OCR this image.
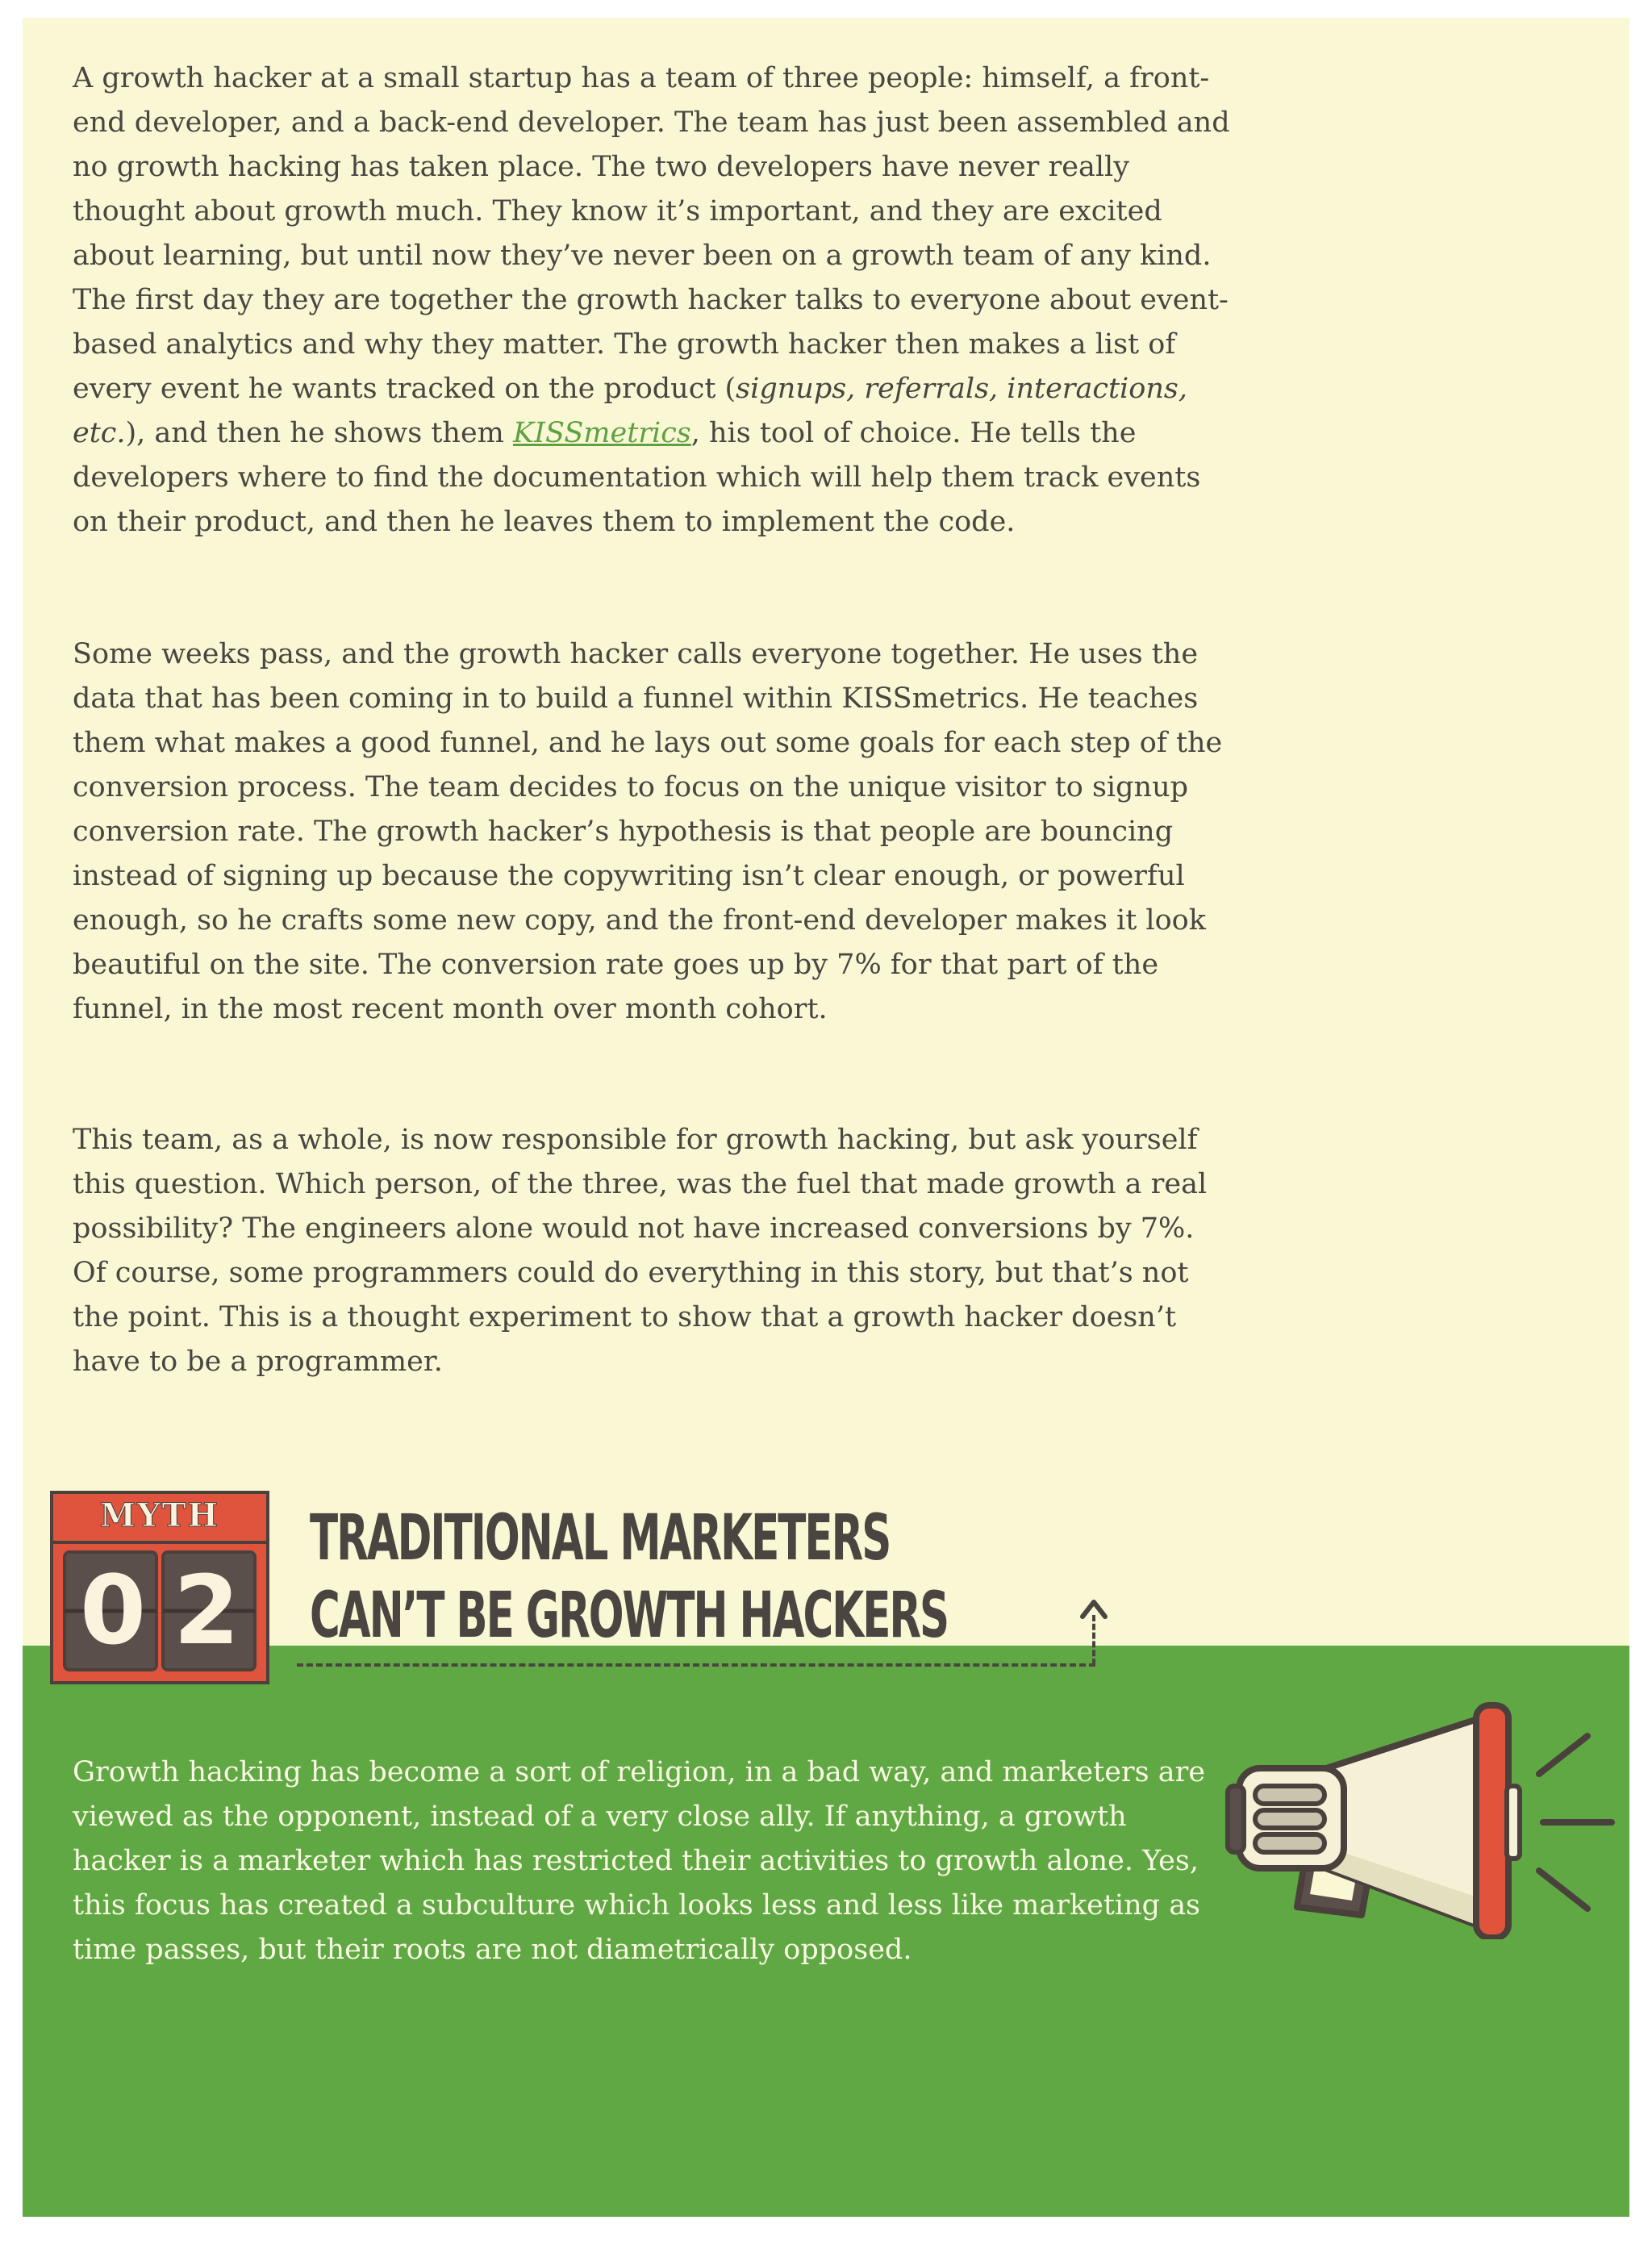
A growth hacker at a small startup has a team of three people: himself, a front-end developer, and a back-end developer. The team has just been assembled and no growth hacking has taken place. The two developers have never really thought about growth much. They know it’s important, and they are excited about learning, but until now they’ve never been on a growth team of any kind. The first day they are together the growth hacker talks to everyone about event-based analytics and why they matter. The growth hacker then makes a list of every event he wants tracked on the product (signups, referrals, interactions, etc.), and then he shows them KISSmetrics, his tool of choice. He tells the developers where to find the documentation which will help them track events on their product, and then he leaves them to implement the code.

Some weeks pass, and the growth hacker calls everyone together. He uses the data that has been coming in to build a funnel within KISSmetrics. He teaches them what makes a good funnel, and he lays out some goals for each step of the conversion process. The team decides to focus on the unique visitor to signup conversion rate. The growth hacker’s hypothesis is that people are bouncing instead of signing up because the copywriting isn’t clear enough, or powerful enough, so he crafts some new copy, and the front-end developer makes it look beautiful on the site. The conversion rate goes up by 7% for that part of the funnel, in the most recent month over month cohort.

This team, as a whole, is now responsible for growth hacking, but ask yourself this question. Which person, of the three, was the fuel that made growth a real possibility? The engineers alone would not have increased conversions by 7%. Of course, some programmers could do everything in this story, but that’s not the point. This is a thought experiment to show that a growth hacker doesn’t have to be a programmer.

MYTH
0 2
TRADITIONAL MARKETERS
CAN’T BE GROWTH HACKERS

Growth hacking has become a sort of religion, in a bad way, and marketers are viewed as the opponent, instead of a very close ally. If anything, a growth hacker is a marketer which has restricted their activities to growth alone. Yes, this focus has created a subculture which looks less and less like marketing as time passes, but their roots are not diametrically opposed.
